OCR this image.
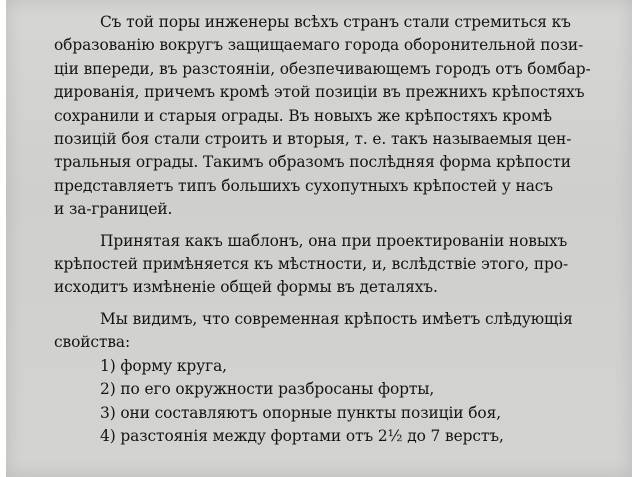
Съ той поры инженеры всѣхъ странъ стали стремиться къ
образованію вокругъ защищаемаго города оборонительной пози-
ціи впереди, въ разстояніи, обезпечивающемъ городъ отъ бомбар-
дированія, причемъ кромѣ этой позиціи въ прежнихъ крѣпостяхъ
сохранили и старыя ограды. Въ новыхъ же крѣпостяхъ кромѣ
позицій боя стали строить и вторыя, т. е. такъ называемыя цен-
тральныя ограды. Такимъ образомъ послѣдняя форма крѣпости
представляетъ типъ большихъ сухопутныхъ крѣпостей у насъ
и за-границей.
Принятая какъ шаблонъ, она при проектированіи новыхъ
крѣпостей примѣняется къ мѣстности, и, вслѣдствіе этого, про-
исходитъ измѣненіе общей формы въ деталяхъ.
Мы видимъ, что современная крѣпость имѣетъ слѣдующія
свойства:
1) форму круга,
2) по его окружности разбросаны форты,
3) они составляютъ опорные пункты позиціи боя,
4) разстоянія между фортами отъ 2½ до 7 верстъ,
